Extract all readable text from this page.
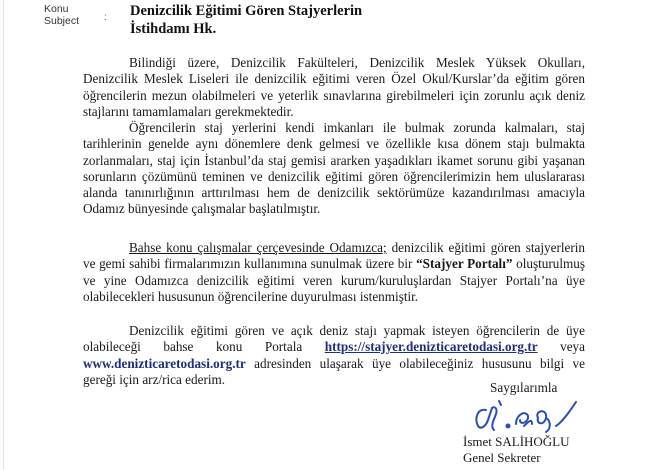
Konu
Subject : Denizcilik Eğitimi Gören Stajyerlerin
İstihdamı Hk.

Bilindiği üzere, Denizcilik Fakülteleri, Denizcilik Meslek Yüksek Okulları, Denizcilik Meslek Liseleri ile denizcilik eğitimi veren Özel Okul/Kurslar’da eğitim gören öğrencilerin mezun olabilmeleri ve yeterlik sınavlarına girebilmeleri için zorunlu açık deniz stajlarını tamamlamaları gerekmektedir.

Öğrencilerin staj yerlerini kendi imkanları ile bulmak zorunda kalmaları, staj tarihlerinin genelde aynı dönemlere denk gelmesi ve özellikle kısa dönem stajı bulmakta zorlanmaları, staj için İstanbul’da staj gemisi ararken yaşadıkları ikamet sorunu gibi yaşanan sorunların çözümünü teminen ve denizcilik eğitimi gören öğrencilerimizin hem uluslararası alanda tanınırlığının arttırılması hem de denizcilik sektörümüze kazandırılması amacıyla Odamız bünyesinde çalışmalar başlatılmıştır.

Bahse konu çalışmalar çerçevesinde Odamızca; denizcilik eğitimi gören stajyerlerin ve gemi sahibi firmalarımızın kullanımına sunulmak üzere bir “Stajyer Portalı” oluşturulmuş ve yine Odamızca denizcilik eğitimi veren kurum/kuruluşlardan Stajyer Portalı’na üye olabilecekleri hususunun öğrencilerine duyurulması istenmiştir.

Denizcilik eğitimi gören ve açık deniz stajı yapmak isteyen öğrencilerin de üye olabileceği bahse konu Portala https://stajyer.denizticaretodasi.org.tr veya www.denizticaretodasi.org.tr adresinden ulaşarak üye olabileceğiniz hususunu bilgi ve gereği için arz/rica ederim.

Saygılarımla
İsmet SALİHOĞLU
Genel Sekreter
